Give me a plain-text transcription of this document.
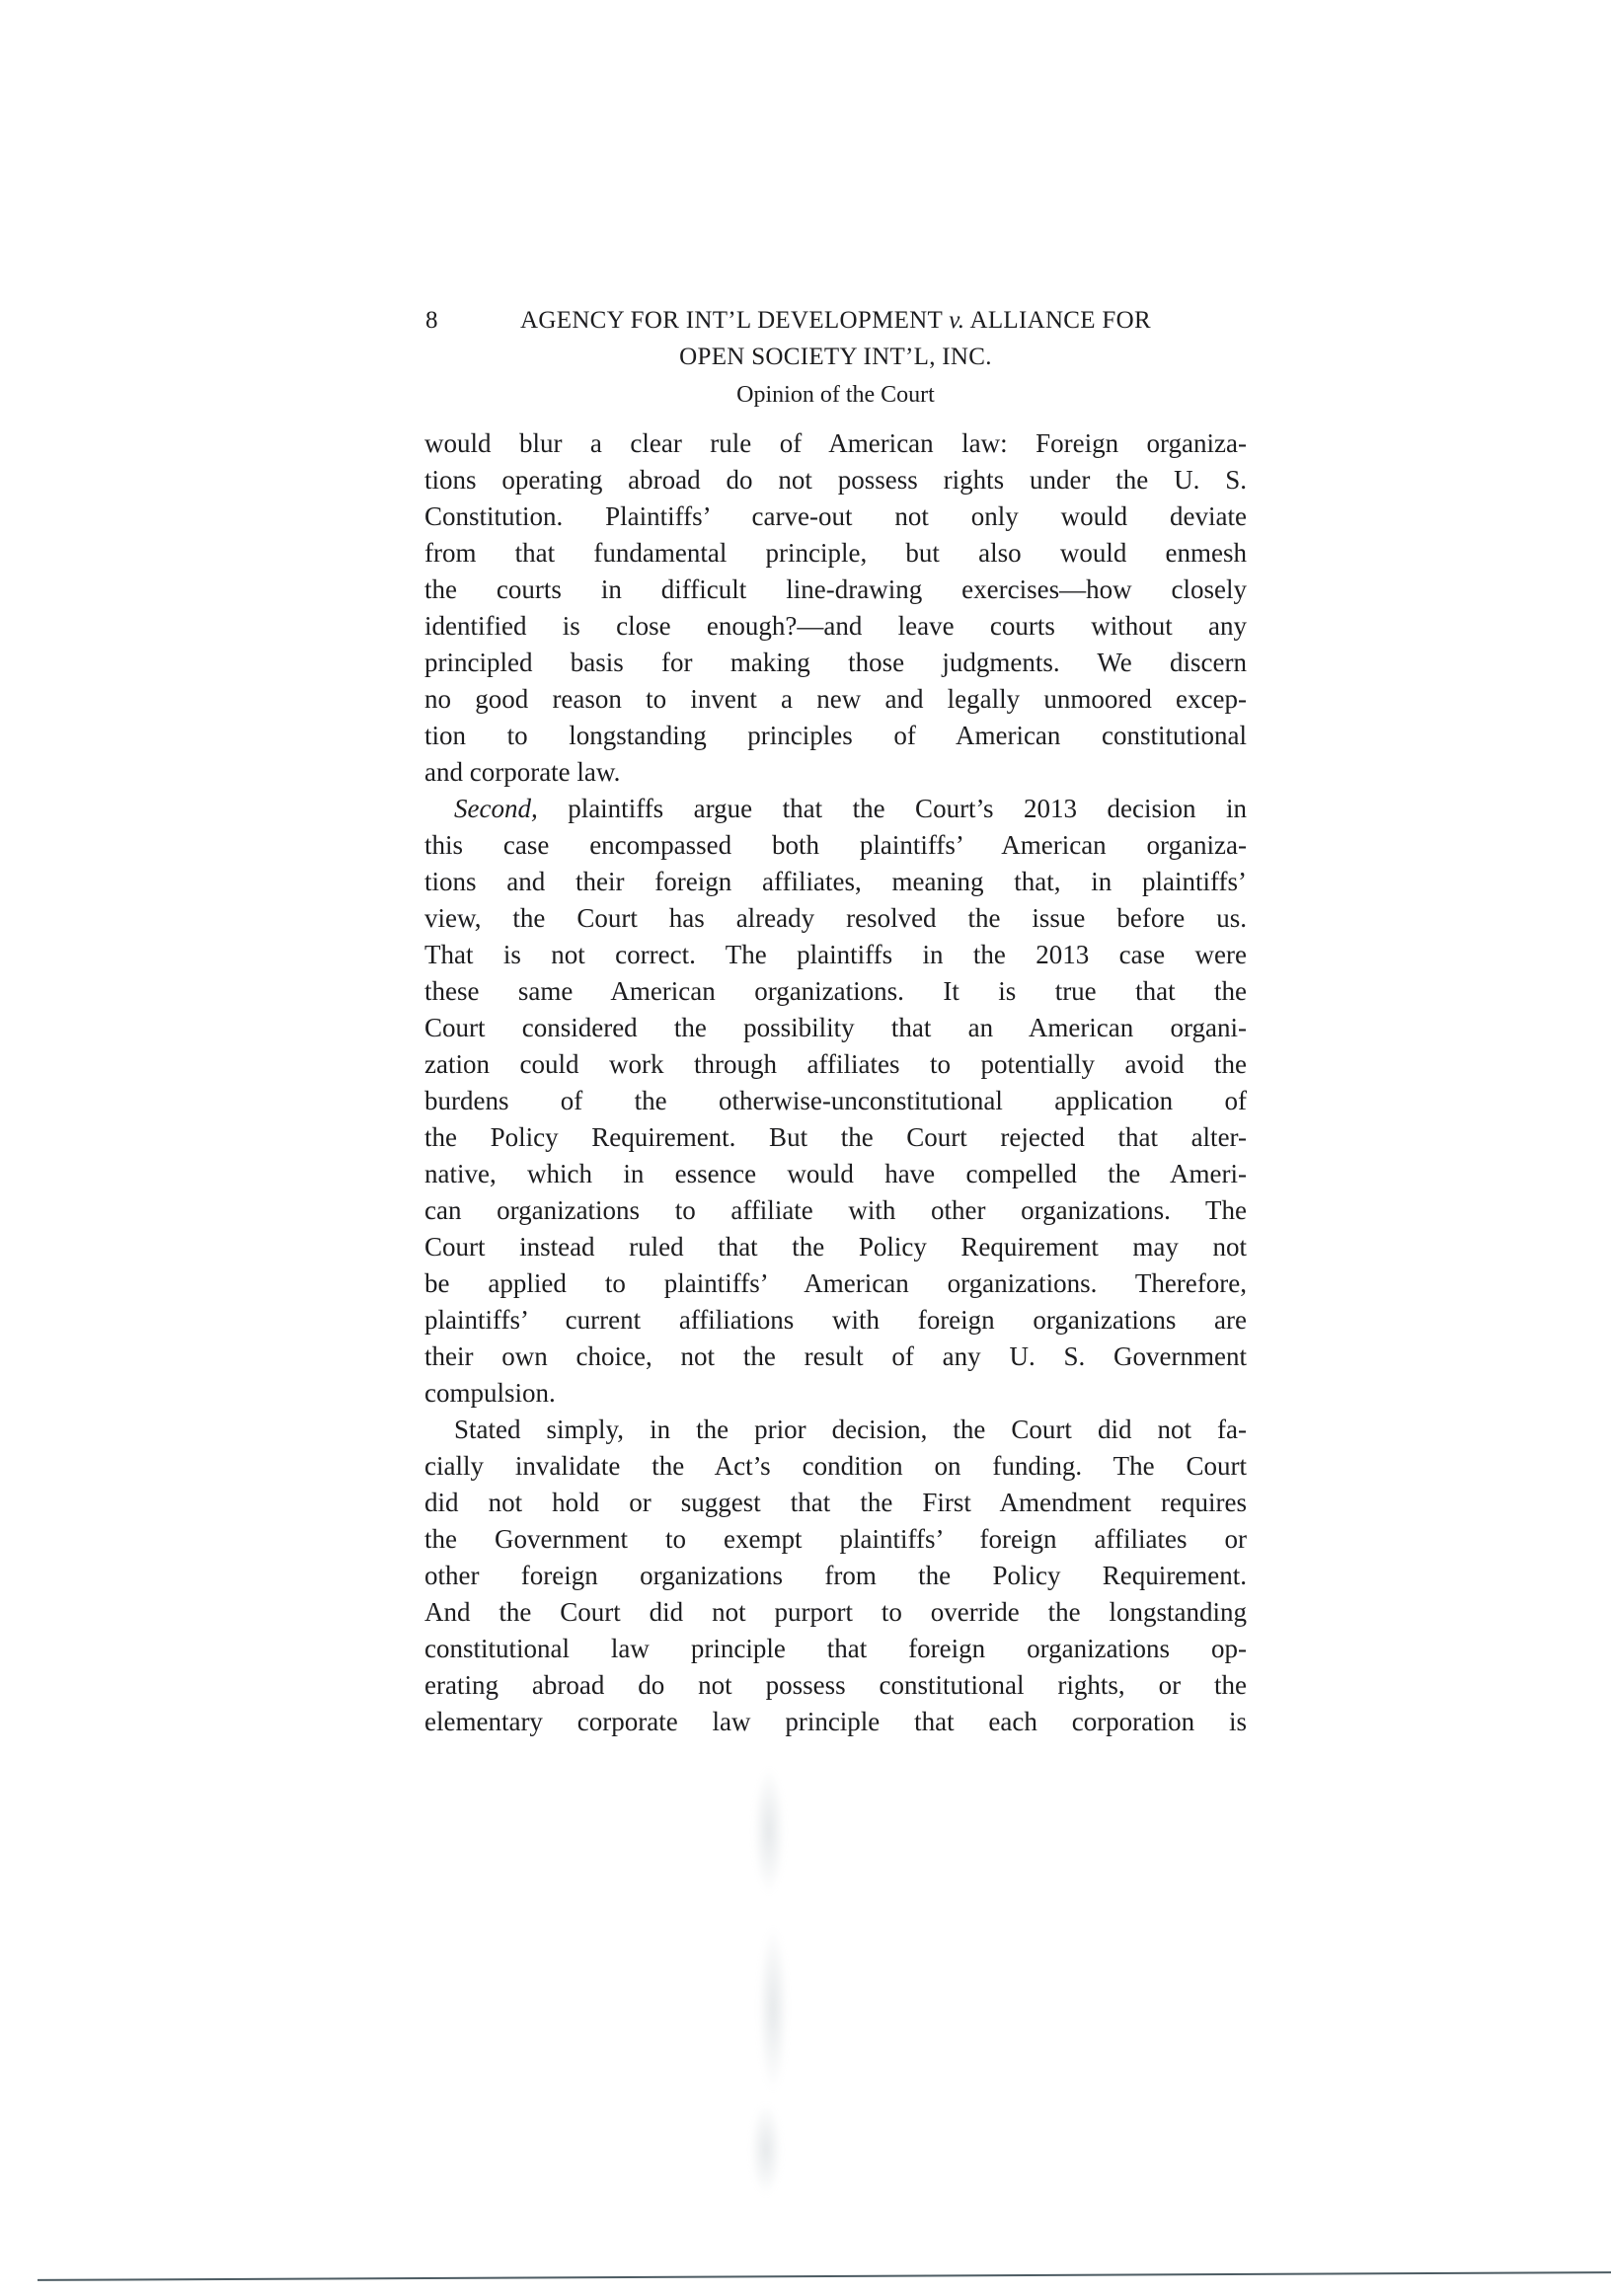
8	AGENCY FOR INT’L DEVELOPMENT v. ALLIANCE FOR
OPEN SOCIETY INT’L, INC.
Opinion of the Court
would blur a clear rule of American law: Foreign organiza-
tions operating abroad do not possess rights under the U. S.
Constitution. Plaintiffs’ carve-out not only would deviate
from that fundamental principle, but also would enmesh
the courts in difficult line-drawing exercises—how closely
identified is close enough?—and leave courts without any
principled basis for making those judgments. We discern
no good reason to invent a new and legally unmoored excep-
tion to longstanding principles of American constitutional
and corporate law.
Second, plaintiffs argue that the Court’s 2013 decision in
this case encompassed both plaintiffs’ American organiza-
tions and their foreign affiliates, meaning that, in plaintiffs’
view, the Court has already resolved the issue before us.
That is not correct. The plaintiffs in the 2013 case were
these same American organizations. It is true that the
Court considered the possibility that an American organi-
zation could work through affiliates to potentially avoid the
burdens of the otherwise-unconstitutional application of
the Policy Requirement. But the Court rejected that alter-
native, which in essence would have compelled the Ameri-
can organizations to affiliate with other organizations. The
Court instead ruled that the Policy Requirement may not
be applied to plaintiffs’ American organizations. Therefore,
plaintiffs’ current affiliations with foreign organizations are
their own choice, not the result of any U. S. Government
compulsion.
Stated simply, in the prior decision, the Court did not fa-
cially invalidate the Act’s condition on funding. The Court
did not hold or suggest that the First Amendment requires
the Government to exempt plaintiffs’ foreign affiliates or
other foreign organizations from the Policy Requirement.
And the Court did not purport to override the longstanding
constitutional law principle that foreign organizations op-
erating abroad do not possess constitutional rights, or the
elementary corporate law principle that each corporation is
